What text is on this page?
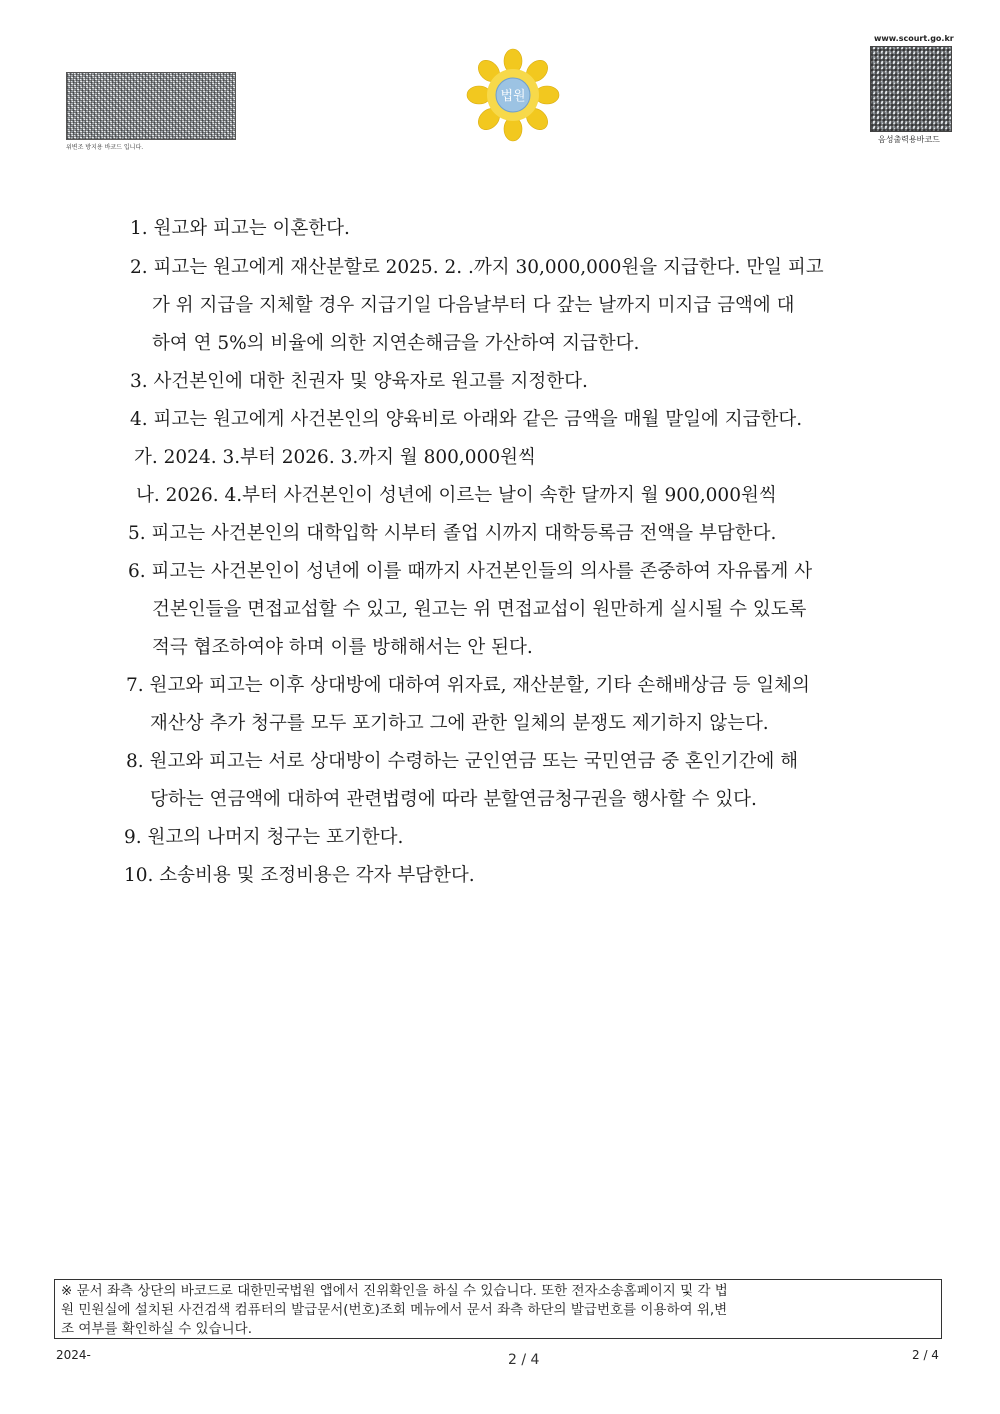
위변조 방지용 바코드 입니다.
법원
www.scourt.go.kr
음성출력용바코드
1. 원고와 피고는 이혼한다.
2. 피고는 원고에게 재산분할로 2025. 2. .까지 30,000,000원을 지급한다. 만일 피고
가 위 지급을 지체할 경우 지급기일 다음날부터 다 갚는 날까지 미지급 금액에 대
하여 연 5%의 비율에 의한 지연손해금을 가산하여 지급한다.
3. 사건본인에 대한 친권자 및 양육자로 원고를 지정한다.
4. 피고는 원고에게 사건본인의 양육비로 아래와 같은 금액을 매월 말일에 지급한다.
가. 2024. 3.부터 2026. 3.까지 월 800,000원씩
나. 2026. 4.부터 사건본인이 성년에 이르는 날이 속한 달까지 월 900,000원씩
5. 피고는 사건본인의 대학입학 시부터 졸업 시까지 대학등록금 전액을 부담한다.
6. 피고는 사건본인이 성년에 이를 때까지 사건본인들의 의사를 존중하여 자유롭게 사
건본인들을 면접교섭할 수 있고, 원고는 위 면접교섭이 원만하게 실시될 수 있도록
적극 협조하여야 하며 이를 방해해서는 안 된다.
7. 원고와 피고는 이후 상대방에 대하여 위자료, 재산분할, 기타 손해배상금 등 일체의
재산상 추가 청구를 모두 포기하고 그에 관한 일체의 분쟁도 제기하지 않는다.
8. 원고와 피고는 서로 상대방이 수령하는 군인연금 또는 국민연금 중 혼인기간에 해
당하는 연금액에 대하여 관련법령에 따라 분할연금청구권을 행사할 수 있다.
9. 원고의 나머지 청구는 포기한다.
10. 소송비용 및 조정비용은 각자 부담한다.
※ 문서 좌측 상단의 바코드로 대한민국법원 앱에서 진위확인을 하실 수 있습니다. 또한 전자소송홈페이지 및 각 법
원 민원실에 설치된 사건검색 컴퓨터의 발급문서(번호)조회 메뉴에서 문서 좌측 하단의 발급번호를 이용하여 위,변
조 여부를 확인하실 수 있습니다.
2024-	2 / 4	2 / 4
